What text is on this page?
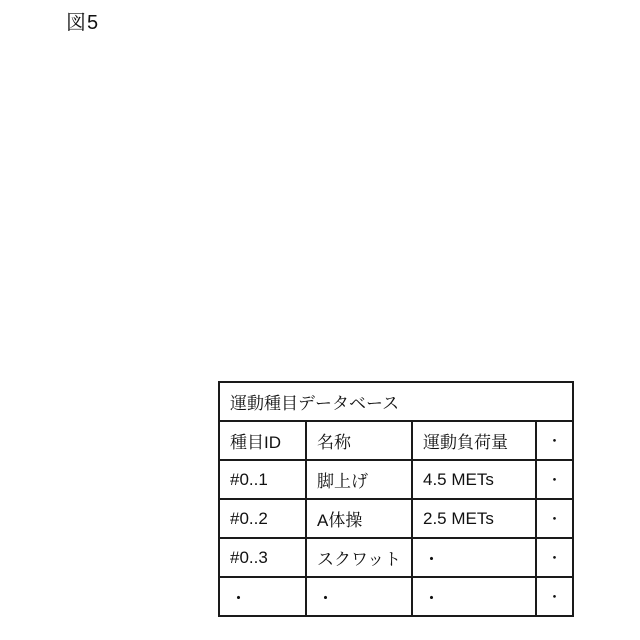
図5
運動種目データベース			
種目ID	名称	運動負荷量	・
#0..1	脚上げ	4.5 METs	・
#0..2	A体操	2.5 METs	・
#0..3	スクワット	・	・
・	・	・	・
